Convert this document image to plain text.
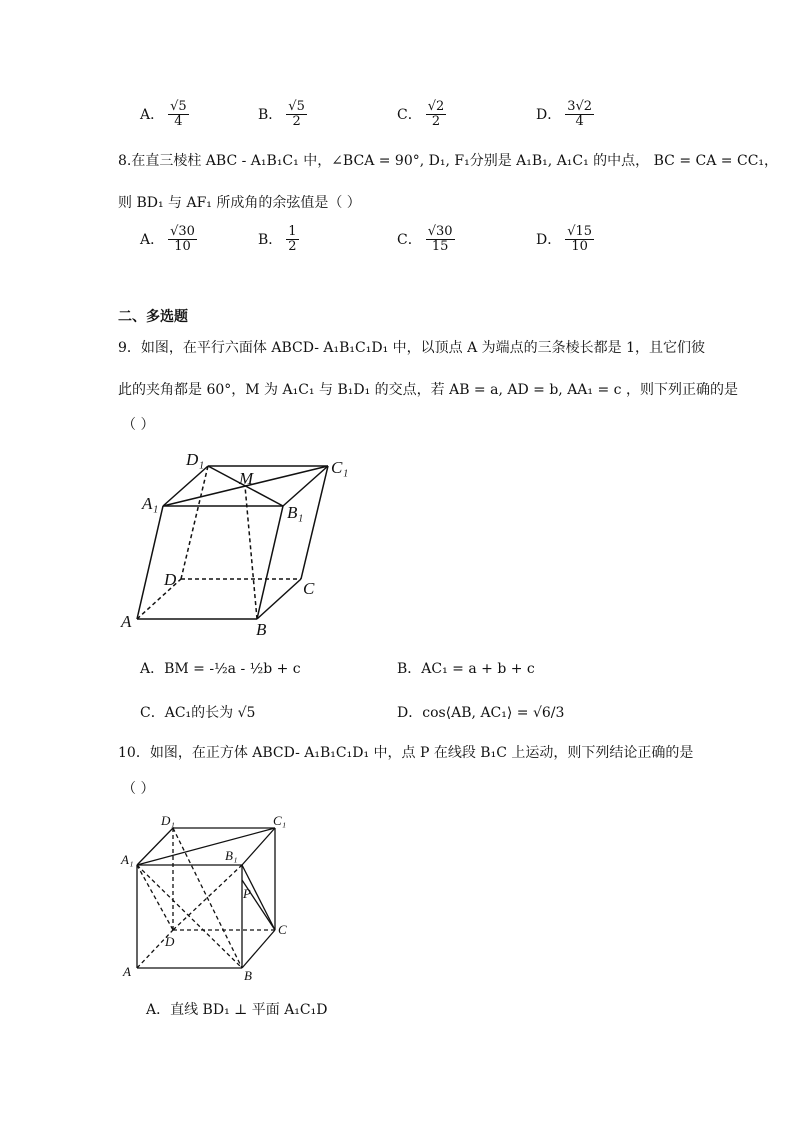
A． $\frac{√5}{4}$	B． $\frac{√5}{2}$	C． $\frac{√2}{2}$	D． $\frac{3√2}{4}$
8.在直三棱柱 ABC - A₁B₁C₁ 中，∠BCA = 90°, D₁, F₁分别是 A₁B₁, A₁C₁ 的中点， BC = CA = CC₁，
则 BD₁ 与 AF₁ 所成角的余弦值是（ ）
A． $\frac{√30}{10}$	B． $\frac{1}{2}$	C． $\frac{√30}{15}$	D． $\frac{√15}{10}$
二、多选题
9．如图，在平行六面体 ABCD- A₁B₁C₁D₁ 中，以顶点 A 为端点的三条棱长都是 1，且它们彼
此的夹角都是 60°，M 为 A₁C₁ 与 B₁D₁ 的交点，若 AB = a, AD = b, AA₁ = c ，则下列正确的是
（ ）
D₁	C₁
M
A₁	B₁
D	C
A	B
A．BM = -½a - ½b + c	B．AC₁ = a + b + c
C．AC₁的长为 √5	D．cos⟨AB, AC₁⟩ = √6/3
10．如图，在正方体 ABCD- A₁B₁C₁D₁ 中，点 P 在线段 B₁C 上运动，则下列结论正确的是
（ ）
D₁	C₁
A₁	B₁
P
D
C
A	B
A．直线 BD₁ ⊥ 平面 A₁C₁D
